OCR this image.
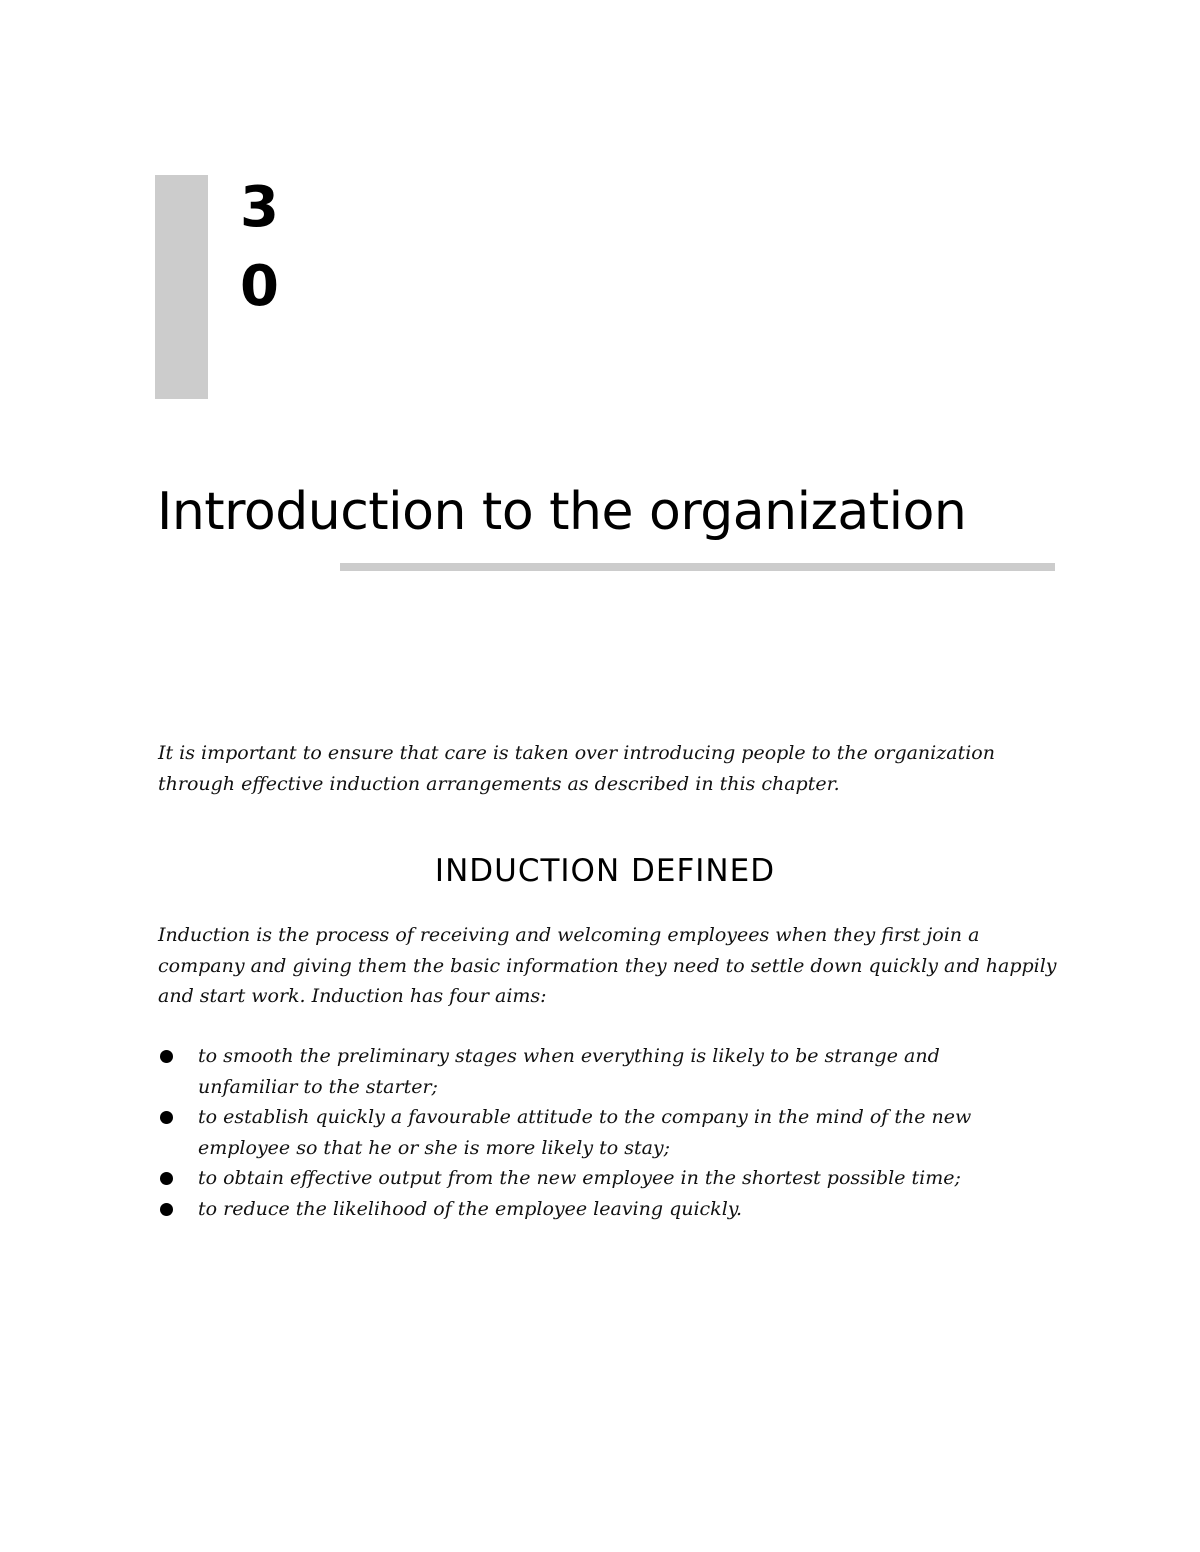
3
0
Introduction to the organization

It is important to ensure that care is taken over introducing people to the organization through effective induction arrangements as described in this chapter.

INDUCTION DEFINED

Induction is the process of receiving and welcoming employees when they first join a company and giving them the basic information they need to settle down quickly and happily and start work. Induction has four aims:

to smooth the preliminary stages when everything is likely to be strange and unfamiliar to the starter;
to establish quickly a favourable attitude to the company in the mind of the new employee so that he or she is more likely to stay;
to obtain effective output from the new employee in the shortest possible time;
to reduce the likelihood of the employee leaving quickly.
